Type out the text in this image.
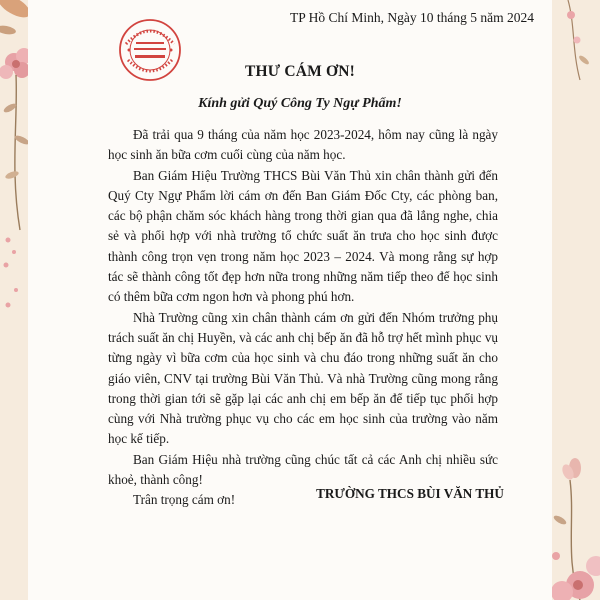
TP Hồ Chí Minh, Ngày 10 tháng 5 năm 2024
THƯ CÁM ƠN!
Kính gửi Quý Công Ty Ngự Phẩm!

Đã trải qua 9 tháng của năm học 2023-2024, hôm nay cũng là ngày học sinh ăn bữa cơm cuối cùng của năm học.

Ban Giám Hiệu Trường THCS Bùi Văn Thủ xin chân thành gửi đến Quý Cty Ngự Phẩm lời cám ơn đến Ban Giám Đốc Cty, các phòng ban, các bộ phận chăm sóc khách hàng trong thời gian qua đã lắng nghe, chia sẻ và phối hợp với nhà trường tổ chức suất ăn trưa cho học sinh được thành công trọn vẹn trong năm học 2023 – 2024. Và mong rằng sự hợp tác sẽ thành công tốt đẹp hơn nữa trong những năm tiếp theo để học sinh có thêm bữa cơm ngon hơn và phong phú hơn.

Nhà Trường cũng xin chân thành cám ơn gửi đến Nhóm trưởng phụ trách suất ăn chị Huyền, và các anh chị bếp ăn đã hỗ trợ hết mình phục vụ từng ngày vì bữa cơm của học sinh và chu đáo trong những suất ăn cho giáo viên, CNV tại trường Bùi Văn Thủ. Và nhà Trường cũng mong rằng trong thời gian tới sẽ gặp lại các anh chị em bếp ăn để tiếp tục phối hợp cùng với Nhà trường phục vụ cho các em học sinh của trường vào năm học kế tiếp.

Ban Giám Hiệu nhà trường cũng chúc tất cả các Anh chị nhiều sức khoẻ, thành công!

Trân trọng cám ơn!	TRƯỜNG THCS BÙI VĂN THỦ
